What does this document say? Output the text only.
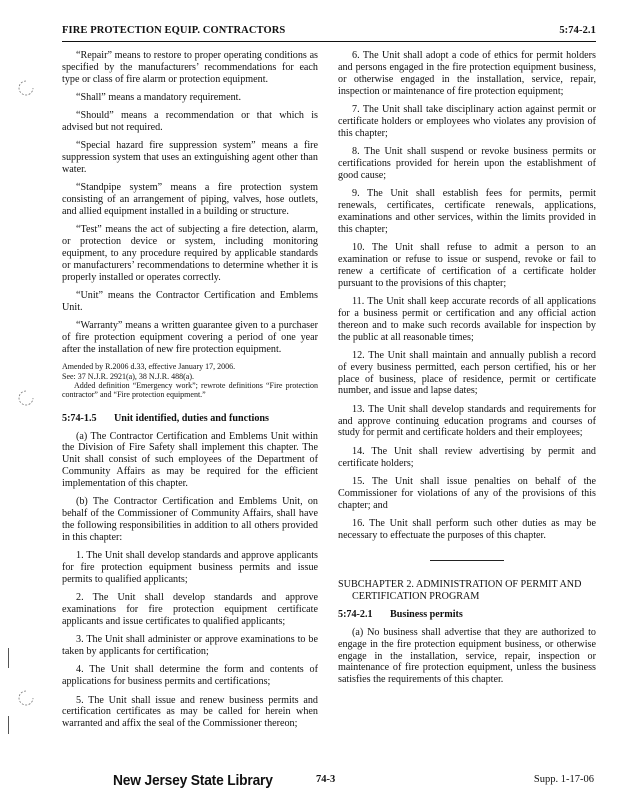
FIRE PROTECTION EQUIP. CONTRACTORS	5:74-2.1

“Repair” means to restore to proper operating conditions as specified by the manufacturers’ recommendations for each type or class of fire alarm or protection equipment.

“Shall” means a mandatory requirement.

“Should” means a recommendation or that which is advised but not required.

“Special hazard fire suppression system” means a fire suppression system that uses an extinguishing agent other than water.

“Standpipe system” means a fire protection system consisting of an arrangement of piping, valves, hose outlets, and allied equipment installed in a building or structure.

“Test” means the act of subjecting a fire detection, alarm, or protection device or system, including monitoring equipment, to any procedure required by applicable standards or manufacturers’ recommendations to determine whether it is properly installed or operates correctly.

“Unit” means the Contractor Certification and Emblems Unit.

“Warranty” means a written guarantee given to a purchaser of fire protection equipment covering a period of one year after the installation of new fire protection equipment.

Amended by R.2006 d.33, effective January 17, 2006.
See: 37 N.J.R. 2921(a), 38 N.J.R. 488(a).
Added definition “Emergency work”; rewrote definitions “Fire protection contractor” and “Fire protection equipment.”
5:74-1.5 Unit identified, duties and functions

(a) The Contractor Certification and Emblems Unit within the Division of Fire Safety shall implement this chapter. The Unit shall consist of such employees of the Department of Community Affairs as may be required for the efficient implementation of this chapter.

(b) The Contractor Certification and Emblems Unit, on behalf of the Commissioner of Community Affairs, shall have the following responsibilities in addition to all others provided in this chapter:

1. The Unit shall develop standards and approve applicants for fire protection equipment business permits and issue permits to qualified applicants;

2. The Unit shall develop standards and approve examinations for fire protection equipment certificate applicants and issue certificates to qualified applicants;

3. The Unit shall administer or approve examinations to be taken by applicants for certification;

4. The Unit shall determine the form and contents of applications for business permits and certifications;

5. The Unit shall issue and renew business permits and certification certificates as may be called for herein when warranted and affix the seal of the Commissioner thereon;

6. The Unit shall adopt a code of ethics for permit holders and persons engaged in the fire protection equipment business, or otherwise engaged in the installation, service, repair, inspection or maintenance of fire protection equipment;

7. The Unit shall take disciplinary action against permit or certificate holders or employees who violates any provision of this chapter;

8. The Unit shall suspend or revoke business permits or certifications provided for herein upon the establishment of good cause;

9. The Unit shall establish fees for permits, permit renewals, certificates, certificate renewals, applications, examinations and other services, within the limits provided in this chapter;

10. The Unit shall refuse to admit a person to an examination or refuse to issue or suspend, revoke or fail to renew a certificate of certification of a certificate holder pursuant to the provisions of this chapter;

11. The Unit shall keep accurate records of all applications for a business permit or certification and any official action thereon and to make such records available for inspection by the public at all reasonable times;

12. The Unit shall maintain and annually publish a record of every business permitted, each person certified, his or her place of business, place of residence, permit or certificate number, and issue and lapse dates;

13. The Unit shall develop standards and requirements for and approve continuing education programs and courses of study for permit and certificate holders and their employees;

14. The Unit shall review advertising by permit and certificate holders;

15. The Unit shall issue penalties on behalf of the Commissioner for violations of any of the provisions of this chapter; and

16. The Unit shall perform such other duties as may be necessary to effectuate the purposes of this chapter.

SUBCHAPTER 2. ADMINISTRATION OF PERMIT AND
CERTIFICATION PROGRAM

5:74-2.1 Business permits

(a) No business shall advertise that they are authorized to engage in the fire protection equipment business, or otherwise engage in the installation, service, repair, inspection or maintenance of fire protection equipment, unless the business satisfies the requirements of this chapter.

New Jersey State Library	74-3	Supp. 1-17-06
